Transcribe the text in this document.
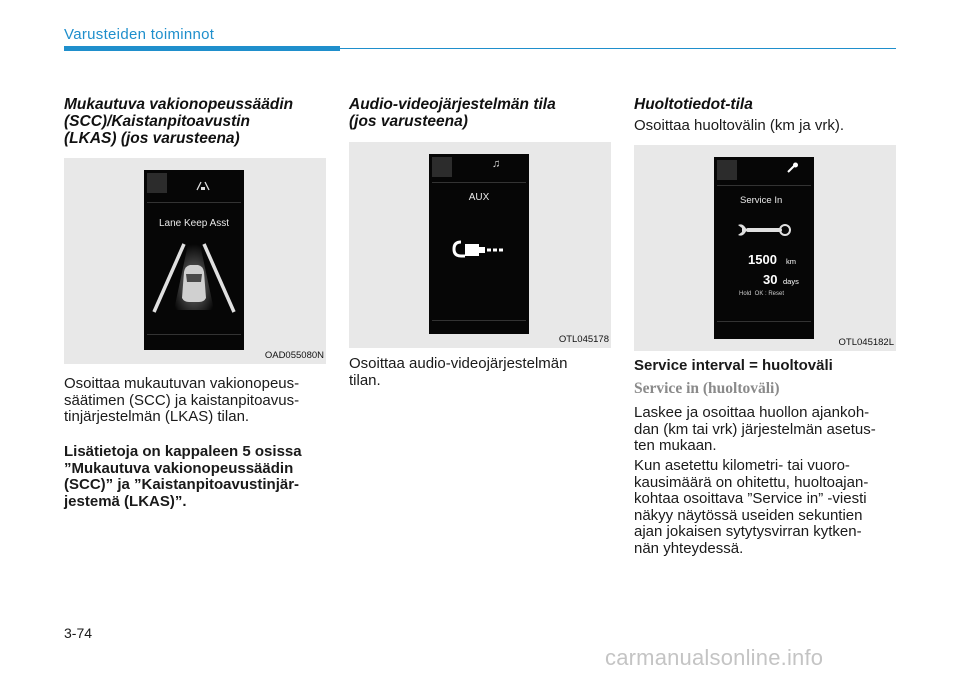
Varusteiden toiminnot
Mukautuva vakionopeussäädin
(SCC)/Kaistanpitoavustin
(LKAS) (jos varusteena)
Lane Keep Asst
OAD055080N
Osoittaa mukautuvan vakionopeus-
säätimen (SCC) ja kaistanpitoavus-
tinjärjestelmän (LKAS) tilan.
Lisätietoja on kappaleen 5 osissa
”Mukautuva vakionopeussäädin
(SCC)” ja ”Kaistanpitoavustinjär-
jestemä (LKAS)”.
Audio-videojärjestelmän tila
(jos varusteena)
♫
AUX
OTL045178
Osoittaa audio-videojärjestelmän
tilan.
Huoltotiedot-tila
Osoittaa huoltovälin (km ja vrk).
Service In
1500 km
30 days
Hold  OK : Reset
OTL045182L
Service interval = huoltoväli
Service in (huoltoväli)
Laskee ja osoittaa huollon ajankoh-
dan (km tai vrk) järjestelmän asetus-
ten mukaan.
Kun asetettu kilometri- tai vuoro-
kausimäärä on ohitettu, huoltoajan-
kohtaa osoittava ”Service in” -viesti
näkyy näytössä useiden sekuntien
ajan jokaisen sytytysvirran kytken-
nän yhteydessä.
3-74
carmanualsonline.info
